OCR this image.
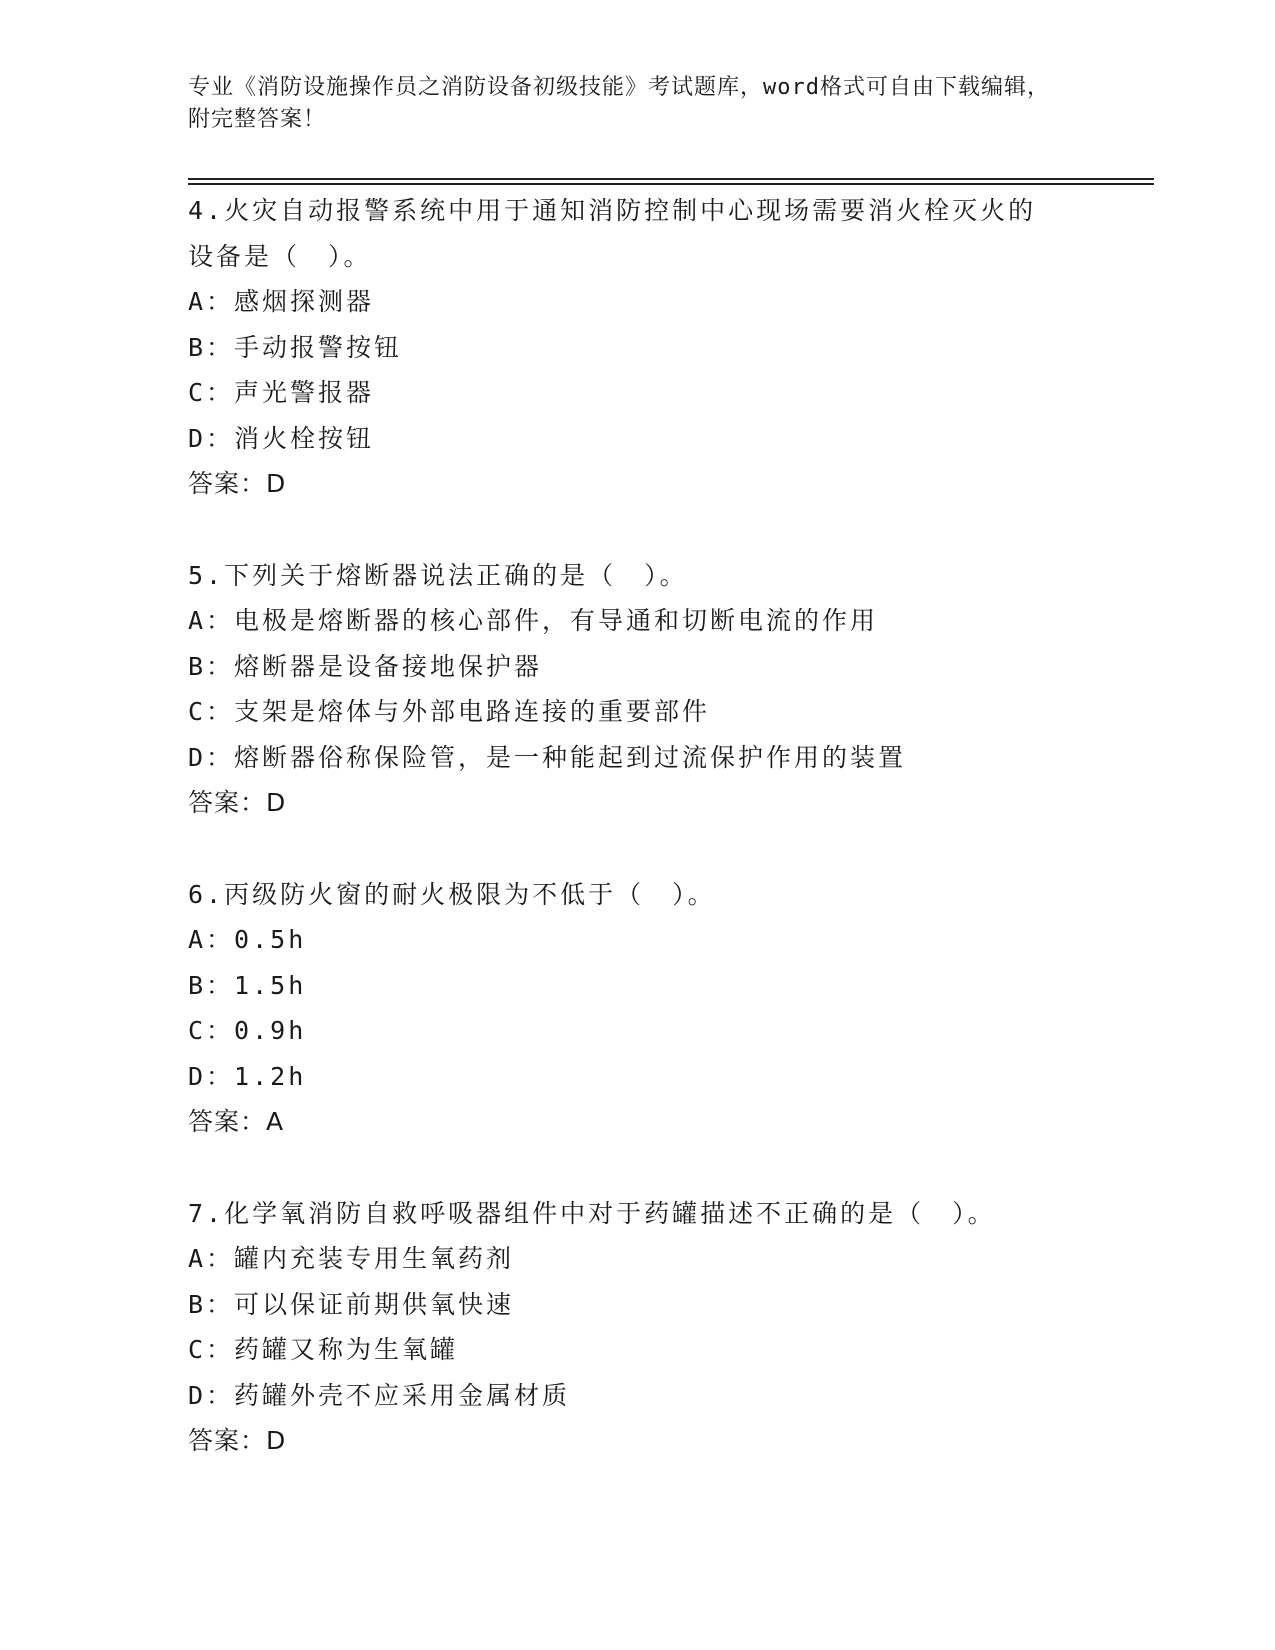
专业《消防设施操作员之消防设备初级技能》考试题库，word格式可自由下载编辑，附完整答案！
4.火灾自动报警系统中用于通知消防控制中心现场需要消火栓灭火的设备是（　）。
A：感烟探测器
B：手动报警按钮
C：声光警报器
D：消火栓按钮
答案：D
5.下列关于熔断器说法正确的是（　）。
A：电极是熔断器的核心部件，有导通和切断电流的作用
B：熔断器是设备接地保护器
C：支架是熔体与外部电路连接的重要部件
D：熔断器俗称保险管，是一种能起到过流保护作用的装置
答案：D
6.丙级防火窗的耐火极限为不低于（　）。
A：0.5h
B：1.5h
C：0.9h
D：1.2h
答案：A
7.化学氧消防自救呼吸器组件中对于药罐描述不正确的是（　）。
A：罐内充装专用生氧药剂
B：可以保证前期供氧快速
C：药罐又称为生氧罐
D：药罐外壳不应采用金属材质
答案：D
